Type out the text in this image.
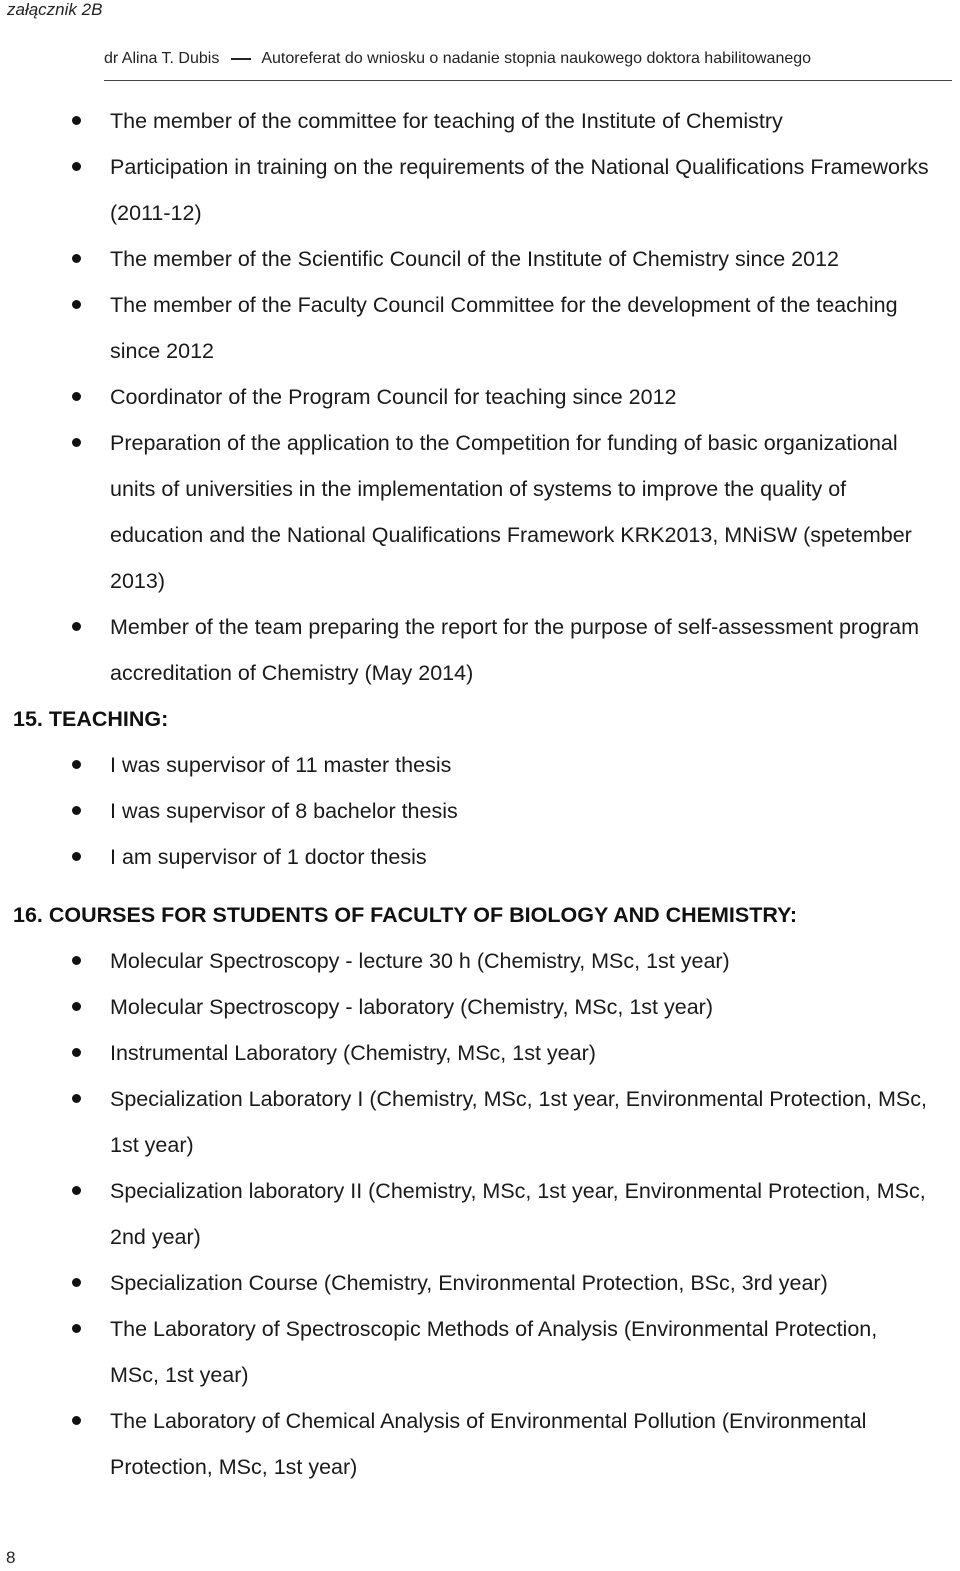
załącznik 2B
dr Alina T. Dubis	Autoreferat do wniosku o nadanie stopnia naukowego doktora habilitowanego
The member of the committee for teaching of the Institute of Chemistry
Participation in training on the requirements of the National Qualifications Frameworks (2011-12)
The member of the Scientific Council of the Institute of Chemistry since 2012
The member of the Faculty Council Committee for the development of the teaching since 2012
Coordinator of the Program Council for teaching since 2012
Preparation of the application to the Competition for funding of basic organizational units of universities in the implementation of systems to improve the quality of education and the National Qualifications Framework KRK2013, MNiSW (spetember 2013)
Member of the team preparing the report for the purpose of self-assessment program accreditation of Chemistry (May 2014)
15. TEACHING:
I was supervisor of 11 master thesis
I was supervisor of 8 bachelor thesis
I am supervisor of 1 doctor thesis
16. COURSES FOR STUDENTS OF FACULTY OF BIOLOGY AND CHEMISTRY:
Molecular Spectroscopy - lecture 30 h (Chemistry, MSc, 1st year)
Molecular Spectroscopy - laboratory (Chemistry, MSc, 1st year)
Instrumental Laboratory (Chemistry, MSc, 1st year)
Specialization Laboratory I (Chemistry, MSc, 1st year, Environmental Protection, MSc, 1st year)
Specialization laboratory II (Chemistry, MSc, 1st year, Environmental Protection, MSc, 2nd year)
Specialization Course (Chemistry, Environmental Protection, BSc, 3rd year)
The Laboratory of Spectroscopic Methods of Analysis (Environmental Protection, MSc, 1st year)
The Laboratory of Chemical Analysis of Environmental Pollution (Environmental Protection, MSc, 1st year)
8
